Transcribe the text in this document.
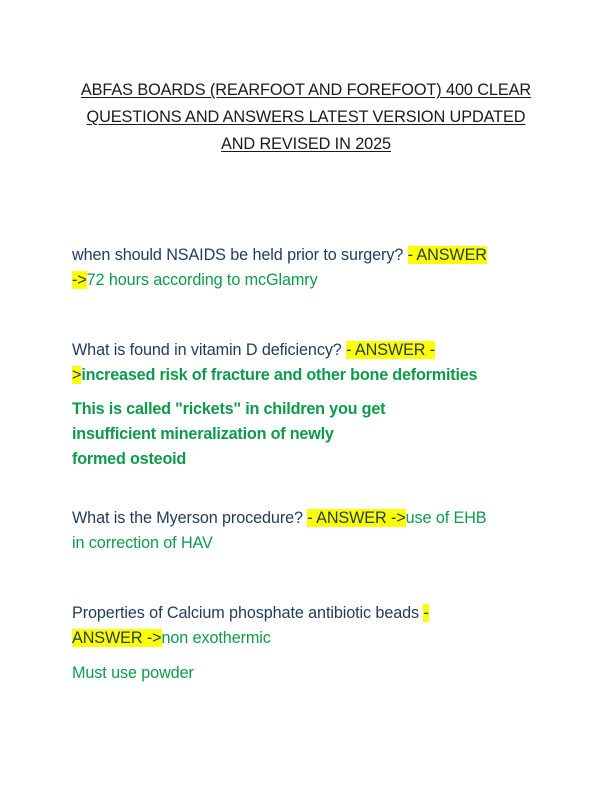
ABFAS BOARDS (REARFOOT AND FOREFOOT) 400 CLEAR
QUESTIONS AND ANSWERS LATEST VERSION UPDATED
AND REVISED IN 2025
when should NSAIDS be held prior to surgery? - ANSWER
->72 hours according to mcGlamry
What is found in vitamin D deficiency? - ANSWER -
>increased risk of fracture and other bone deformities
This is called "rickets" in children you get
insufficient mineralization of newly
formed osteoid
What is the Myerson procedure? - ANSWER ->use of EHB
in correction of HAV
Properties of Calcium phosphate antibiotic beads -
ANSWER ->non exothermic
Must use powder
